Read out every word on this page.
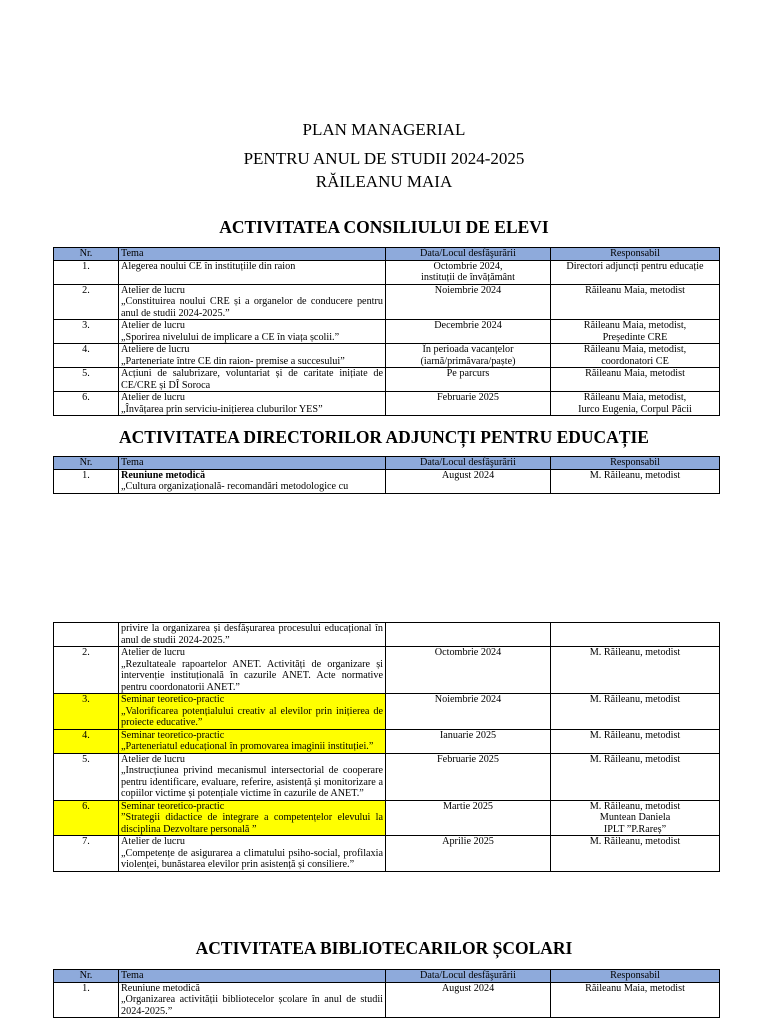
PLAN MANAGERIAL
PENTRU ANUL DE STUDII 2024-2025
RĂILEANU MAIA
ACTIVITATEA CONSILIULUI DE ELEVI
Nr.	Tema	Data/Locul desfăşurării	Responsabil
1.	Alegerea noului CE în instituțiile din raion	Octombrie 2024,
instituții de învățământ	Directori adjuncți pentru educație

2.	Atelier de lucru
„Constituirea noului CRE și a organelor de conducere pentru anul de studii 2024-2025.”	Noiembrie 2024	Răileanu Maia, metodist

3.	Atelier de lucru
„Sporirea nivelului de implicare a CE în viața școlii.”	Decembrie 2024	Răileanu Maia, metodist,
Președinte CRE

4.	Ateliere de lucru
„Parteneriate între CE din raion- premise a succesului”	În perioada vacanțelor
(iarnă/primăvara/paște)	Răileanu Maia, metodist,
coordonatori CE

5.	Acțiuni de salubrizare, voluntariat și de caritate inițiate de CE/CRE și DÎ Soroca	Pe parcurs	Răileanu Maia, metodist

6.	Atelier de lucru
„Învățarea prin serviciu-inițierea cluburilor YES”	Februarie 2025	Răileanu Maia, metodist,
Iurco Eugenia, Corpul Păcii
ACTIVITATEA DIRECTORILOR ADJUNCȚI PENTRU EDUCAȚIE
Nr.	Tema	Data/Locul desfăşurării	Responsabil
1.	Reuniune metodică
„Cultura organizațională- recomandări metodologice cu	August 2024	M. Răileanu, metodist

	privire la organizarea și desfășurarea procesului educațional în anul de studii 2024-2025.”		

2.	Atelier de lucru
„Rezultateale rapoartelor ANET. Activități de organizare și intervenție instituțională în cazurile ANET. Acte normative pentru coordonatorii ANET.”	Octombrie 2024	M. Răileanu, metodist

3.	Seminar teoretico-practic
„Valorificarea potențialului creativ al elevilor prin inițierea de proiecte educative.”	Noiembrie 2024	M. Răileanu, metodist

4.	Seminar teoretico-practic
„Parteneriatul educațional în promovarea imaginii instituției.”	Ianuarie 2025	M. Răileanu, metodist

5.	Atelier de lucru
„Instrucțiunea privind mecanismul intersectorial de cooperare pentru identificare, evaluare, referire, asistență și monitorizare a copiilor victime și potențiale victime în cazurile de ANET.”	Februarie 2025	M. Răileanu, metodist

6.	Seminar teoretico-practic
”Strategii didactice de integrare a competențelor elevului la disciplina Dezvoltare personală ”	Martie 2025	M. Răileanu, metodist
Muntean Daniela
IPLT ”P.Rareș”

7.	Atelier de lucru
„Competențe de asigurarea a climatului psiho-social, profilaxia violenței, bunăstarea elevilor prin asistență și consiliere.”	Aprilie 2025	M. Răileanu, metodist
ACTIVITATEA BIBLIOTECARILOR ȘCOLARI
Nr.	Tema	Data/Locul desfăşurării	Responsabil
1.	Reuniune metodică
„Organizarea activității bibliotecelor școlare în anul de studii 2024-2025.”	August 2024	Răileanu Maia, metodist
